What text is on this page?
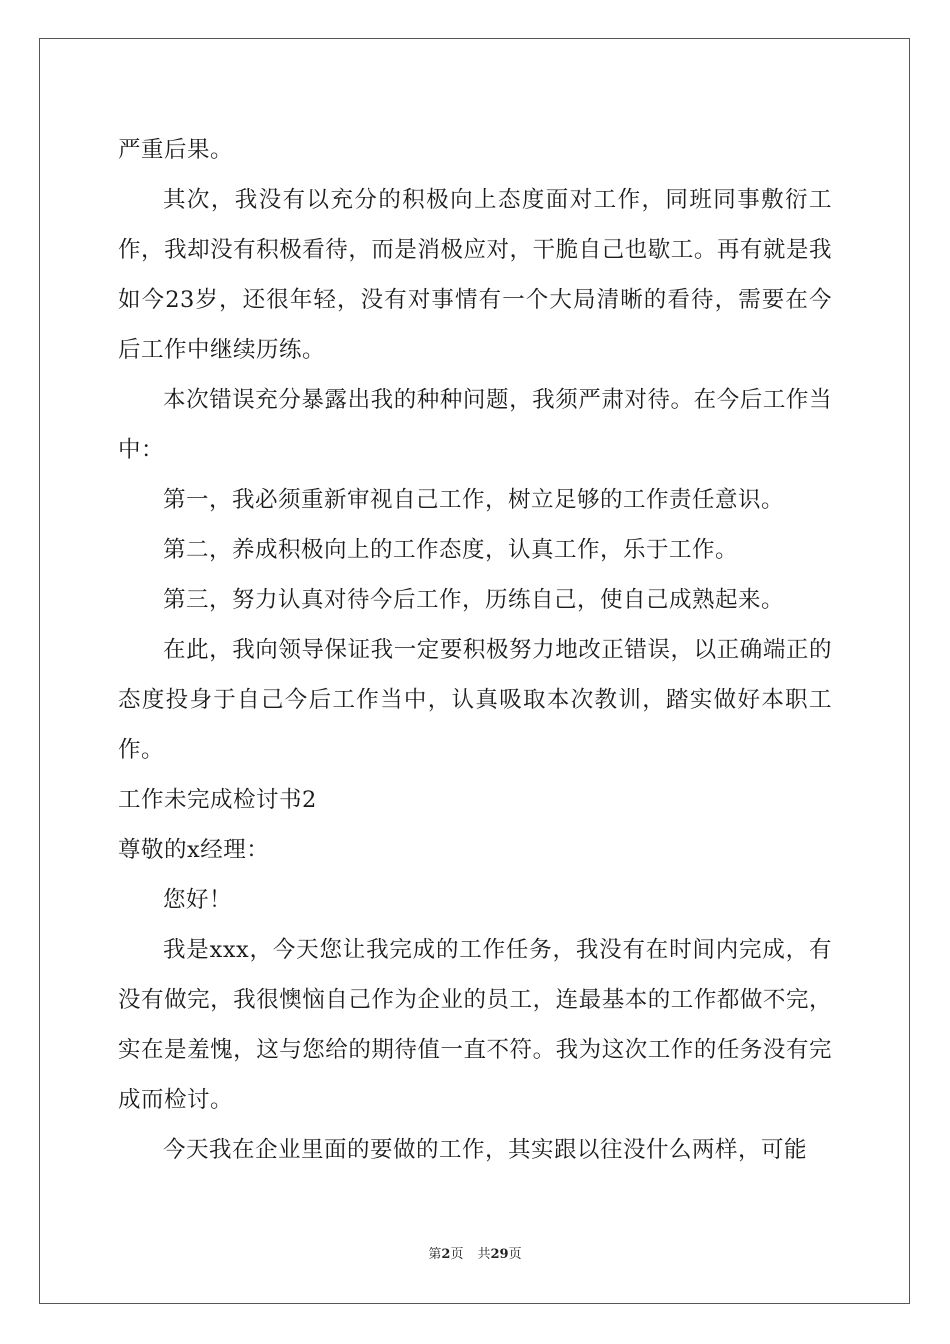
严重后果。

其次，我没有以充分的积极向上态度面对工作，同班同事敷衍工作，我却没有积极看待，而是消极应对，干脆自己也歇工。再有就是我如今23岁，还很年轻，没有对事情有一个大局清晰的看待，需要在今后工作中继续历练。

本次错误充分暴露出我的种种问题，我须严肃对待。在今后工作当中：

第一，我必须重新审视自己工作，树立足够的工作责任意识。

第二，养成积极向上的工作态度，认真工作，乐于工作。

第三，努力认真对待今后工作，历练自己，使自己成熟起来。

在此，我向领导保证我一定要积极努力地改正错误，以正确端正的态度投身于自己今后工作当中，认真吸取本次教训，踏实做好本职工作。

工作未完成检讨书2

尊敬的x经理：

您好！

我是xxx，今天您让我完成的工作任务，我没有在时间内完成，有没有做完，我很懊恼自己作为企业的员工，连最基本的工作都做不完，实在是羞愧，这与您给的期待值一直不符。我为这次工作的任务没有完成而检讨。

今天我在企业里面的要做的工作，其实跟以往没什么两样，可能

第2页 共29页
